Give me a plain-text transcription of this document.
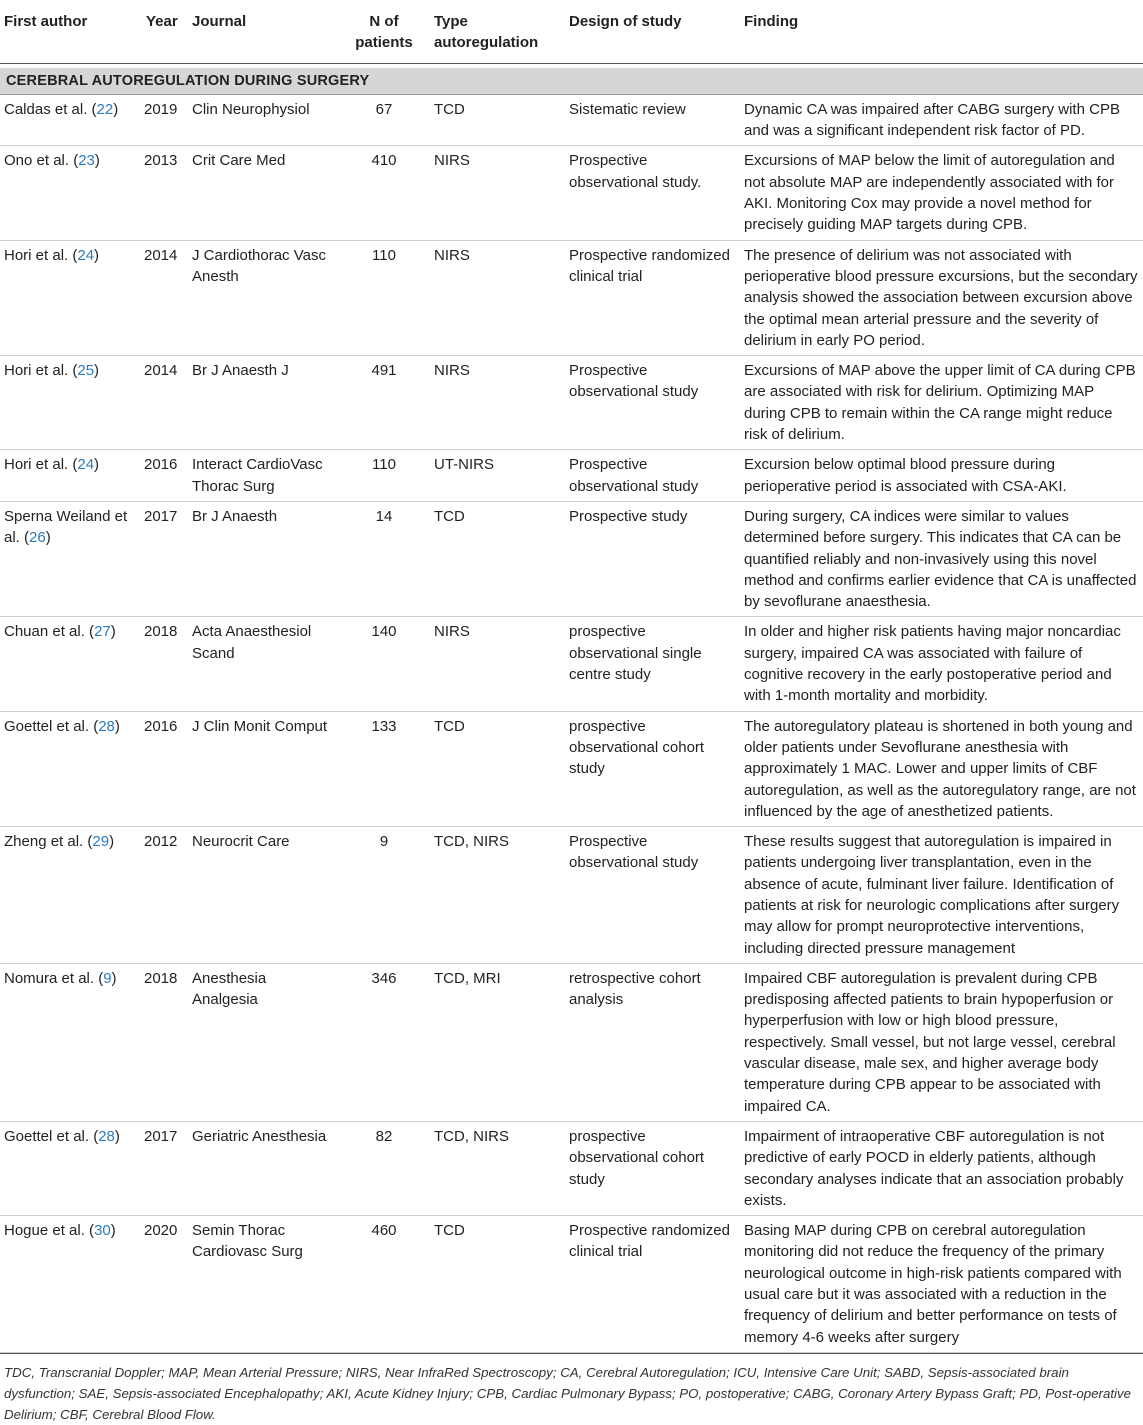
First author	Year	Journal	N of patients	Type autoregulation	Design of study	Finding

CEREBRAL AUTOREGULATION DURING SURGERY						
Caldas et al. (22)	2019	Clin Neurophysiol	67	TCD	Sistematic review	Dynamic CA was impaired after CABG surgery with CPB and was a significant independent risk factor of PD.
Ono et al. (23)	2013	Crit Care Med	410	NIRS	Prospective observational study.	Excursions of MAP below the limit of autoregulation and not absolute MAP are independently associated with for AKI. Monitoring Cox may provide a novel method for precisely guiding MAP targets during CPB.
Hori et al. (24)	2014	J Cardiothorac Vasc Anesth	110	NIRS	Prospective randomized clinical trial	The presence of delirium was not associated with perioperative blood pressure excursions, but the secondary analysis showed the association between excursion above the optimal mean arterial pressure and the severity of delirium in early PO period.
Hori et al. (25)	2014	Br J Anaesth J	491	NIRS	Prospective observational study	Excursions of MAP above the upper limit of CA during CPB are associated with risk for delirium. Optimizing MAP during CPB to remain within the CA range might reduce risk of delirium.
Hori et al. (24)	2016	Interact CardioVasc Thorac Surg	110	UT-NIRS	Prospective observational study	Excursion below optimal blood pressure during perioperative period is associated with CSA-AKI.
Sperna Weiland et al. (26)	2017	Br J Anaesth	14	TCD	Prospective study	During surgery, CA indices were similar to values determined before surgery. This indicates that CA can be quantified reliably and non-invasively using this novel method and confirms earlier evidence that CA is unaffected by sevoflurane anaesthesia.
Chuan et al. (27)	2018	Acta Anaesthesiol Scand	140	NIRS	prospective observational single centre study	In older and higher risk patients having major noncardiac surgery, impaired CA was associated with failure of cognitive recovery in the early postoperative period and with 1-month mortality and morbidity.
Goettel et al. (28)	2016	J Clin Monit Comput	133	TCD	prospective observational cohort study	The autoregulatory plateau is shortened in both young and older patients under Sevoflurane anesthesia with approximately 1 MAC. Lower and upper limits of CBF autoregulation, as well as the autoregulatory range, are not influenced by the age of anesthetized patients.
Zheng et al. (29)	2012	Neurocrit Care	9	TCD, NIRS	Prospective observational study	These results suggest that autoregulation is impaired in patients undergoing liver transplantation, even in the absence of acute, fulminant liver failure. Identification of patients at risk for neurologic complications after surgery may allow for prompt neuroprotective interventions, including directed pressure management
Nomura et al. (9)	2018	Anesthesia Analgesia	346	TCD, MRI	retrospective cohort analysis	Impaired CBF autoregulation is prevalent during CPB predisposing affected patients to brain hypoperfusion or hyperperfusion with low or high blood pressure, respectively. Small vessel, but not large vessel, cerebral vascular disease, male sex, and higher average body temperature during CPB appear to be associated with impaired CA.
Goettel et al. (28)	2017	Geriatric Anesthesia	82	TCD, NIRS	prospective observational cohort study	Impairment of intraoperative CBF autoregulation is not predictive of early POCD in elderly patients, although secondary analyses indicate that an association probably exists.
Hogue et al. (30)	2020	Semin Thorac Cardiovasc Surg	460	TCD	Prospective randomized clinical trial	Basing MAP during CPB on cerebral autoregulation monitoring did not reduce the frequency of the primary neurological outcome in high-risk patients compared with usual care but it was associated with a reduction in the frequency of delirium and better performance on tests of memory 4-6 weeks after surgery
TDC, Transcranial Doppler; MAP, Mean Arterial Pressure; NIRS, Near InfraRed Spectroscopy; CA, Cerebral Autoregulation; ICU, Intensive Care Unit; SABD, Sepsis-associated brain dysfunction; SAE, Sepsis-associated Encephalopathy; AKI, Acute Kidney Injury; CPB, Cardiac Pulmonary Bypass; PO, postoperative; CABG, Coronary Artery Bypass Graft; PD, Post-operative Delirium; CBF, Cerebral Blood Flow.
